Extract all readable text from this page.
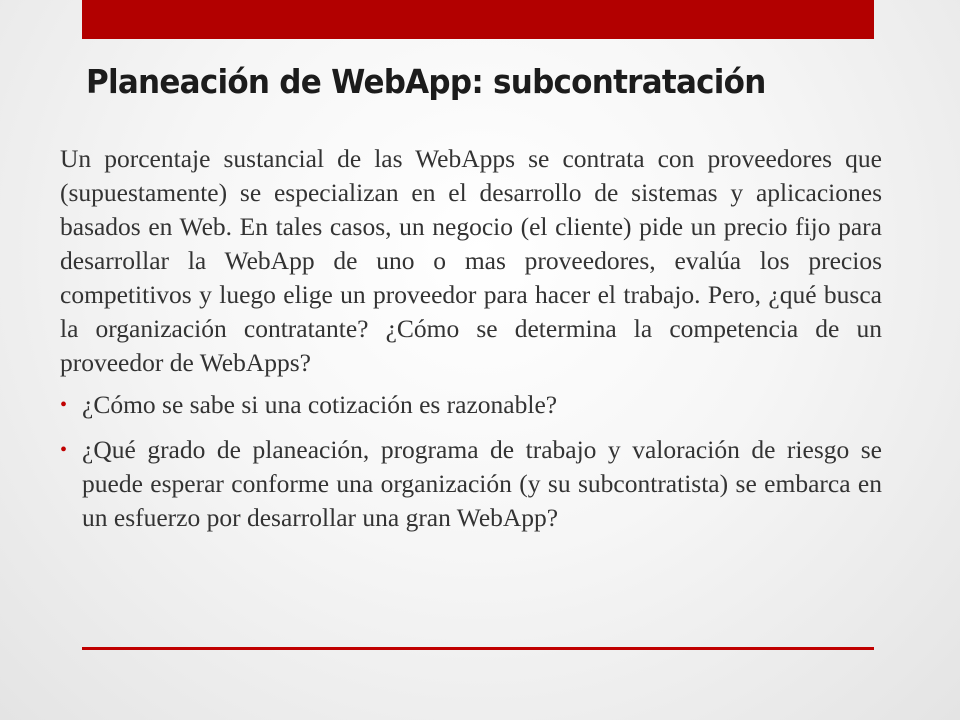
Planeación de WebApp: subcontratación

Un porcentaje sustancial de las WebApps se contrata con proveedores que (supuestamente) se especializan en el desarrollo de sistemas y aplicaciones basados en Web. En tales casos, un negocio (el cliente) pide un precio fijo para desarrollar la WebApp de uno o mas proveedores, evalúa los precios competitivos y luego elige un proveedor para hacer el trabajo. Pero, ¿qué busca la organización contratante? ¿Cómo se determina la competencia de un proveedor de WebApps?

• ¿Cómo se sabe si una cotización es razonable?
• ¿Qué grado de planeación, programa de trabajo y valoración de riesgo se puede esperar conforme una organización (y su subcontratista) se embarca en un esfuerzo por desarrollar una gran WebApp?
